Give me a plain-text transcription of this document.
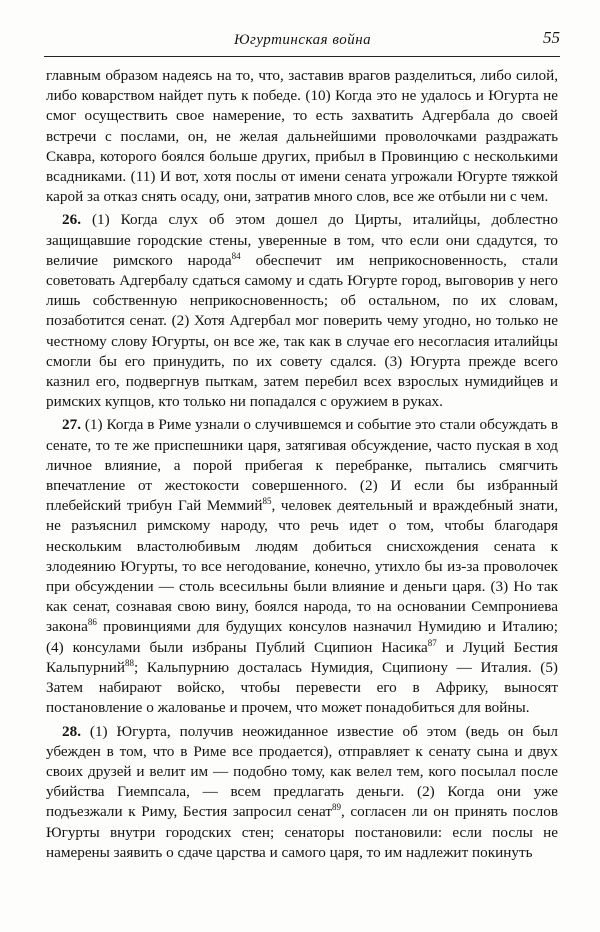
Югуртинская война	55

главным образом надеясь на то, что, заставив врагов разделиться, либо силой, либо коварством найдет путь к победе. (10) Когда это не удалось и Югурта не смог осуществить свое намерение, то есть захватить Адгербала до своей встречи с послами, он, не желая дальнейшими проволочками раздражать Скавра, которого боялся больше других, прибыл в Провинцию с несколькими всадниками. (11) И вот, хотя послы от имени сената угрожали Югурте тяжкой карой за отказ снять осаду, они, затратив много слов, все же отбыли ни с чем.

26. (1) Когда слух об этом дошел до Цирты, италийцы, доблестно защищавшие городские стены, уверенные в том, что если они сдадутся, то величие римского народа$^{84}$ обеспечит им неприкосновенность, стали советовать Адгербалу сдаться самому и сдать Югурте город, выговорив у него лишь собственную неприкосновенность; об остальном, по их словам, позаботится сенат. (2) Хотя Адгербал мог поверить чему угодно, но только не честному слову Югурты, он все же, так как в случае его несогласия италийцы смогли бы его принудить, по их совету сдался. (3) Югурта прежде всего казнил его, подвергнув пыткам, затем перебил всех взрослых нумидийцев и римских купцов, кто только ни попадался с оружием в руках.

27. (1) Когда в Риме узнали о случившемся и событие это стали обсуждать в сенате, то те же приспешники царя, затягивая обсуждение, часто пуская в ход личное влияние, а порой прибегая к перебранке, пытались смягчить впечатление от жестокости совершенного. (2) И если бы избранный плебейский трибун Гай Меммий$^{85}$, человек деятельный и враждебный знати, не разъяснил римскому народу, что речь идет о том, чтобы благодаря нескольким властолюбивым людям добиться снисхождения сената к злодеянию Югурты, то все негодование, конечно, утихло бы из-за проволочек при обсуждении — столь всесильны были влияние и деньги царя. (3) Но так как сенат, сознавая свою вину, боялся народа, то на основании Семпрониева закона$^{86}$ провинциями для будущих консулов назначил Нумидию и Италию; (4) консулами были избраны Публий Сципион Насика$^{87}$ и Луций Бестия Кальпурний$^{88}$; Кальпурнию досталась Нумидия, Сципиону — Италия. (5) Затем набирают войско, чтобы перевести его в Африку, выносят постановление о жалованье и прочем, что может понадобиться для войны.

28. (1) Югурта, получив неожиданное известие об этом (ведь он был убежден в том, что в Риме все продается), отправляет к сенату сына и двух своих друзей и велит им — подобно тому, как велел тем, кого посылал после убийства Гиемпсала, — всем предлагать деньги. (2) Когда они уже подъезжали к Риму, Бестия запросил сенат$^{89}$, согласен ли он принять послов Югурты внутри городских стен; сенаторы постановили: если послы не намерены заявить о сдаче царства и самого царя, то им надлежит покинуть
